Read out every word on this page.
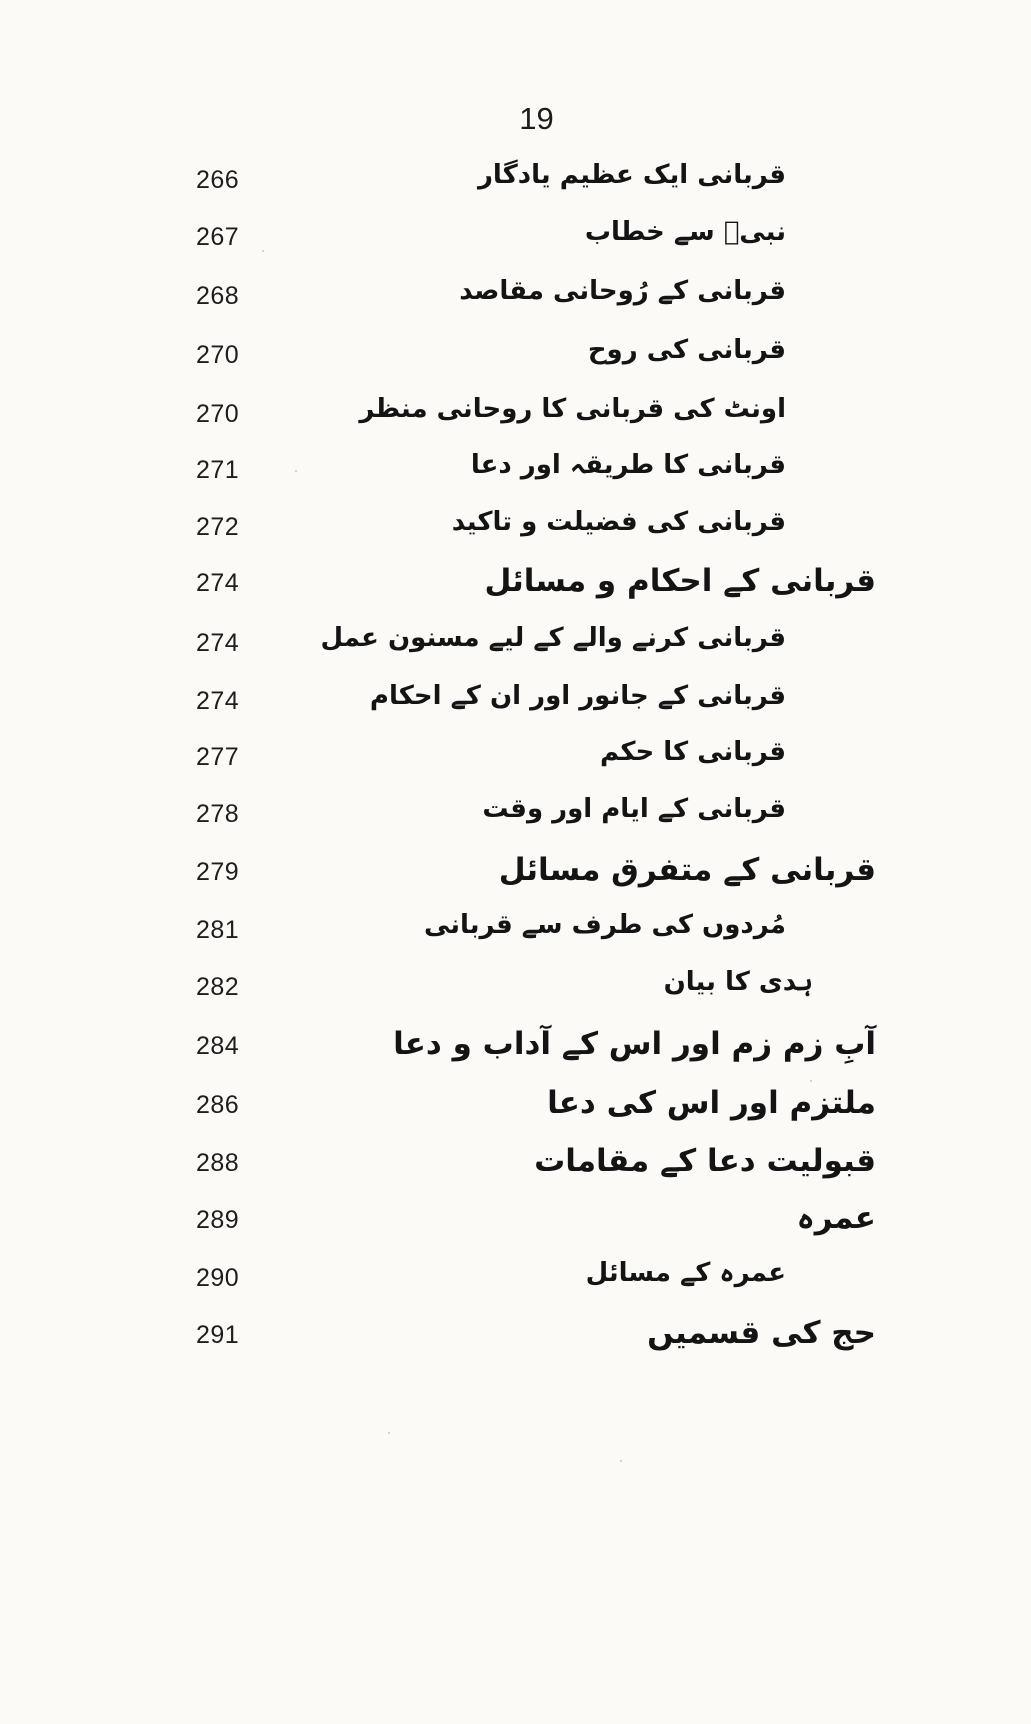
19
قربانی ایک عظیم یادگار
266
نبیؐ سے خطاب
267
قربانی کے رُوحانی مقاصد
268
قربانی کی روح
270
اونٹ کی قربانی کا روحانی منظر
270
قربانی کا طریقہ اور دعا
271
قربانی کی فضیلت و تاکید
272
قربانی کے احکام و مسائل
274
قربانی کرنے والے کے لیے مسنون عمل
274
قربانی کے جانور اور ان کے احکام
274
قربانی کا حکم
277
قربانی کے ایام اور وقت
278
قربانی کے متفرق مسائل
279
مُردوں کی طرف سے قربانی
281
ہدی کا بیان
282
آبِ زم زم اور اس کے آداب و دعا
284
ملتزم اور اس کی دعا
286
قبولیت دعا کے مقامات
288
عمرہ
289
عمرہ کے مسائل
290
حج کی قسمیں
291
